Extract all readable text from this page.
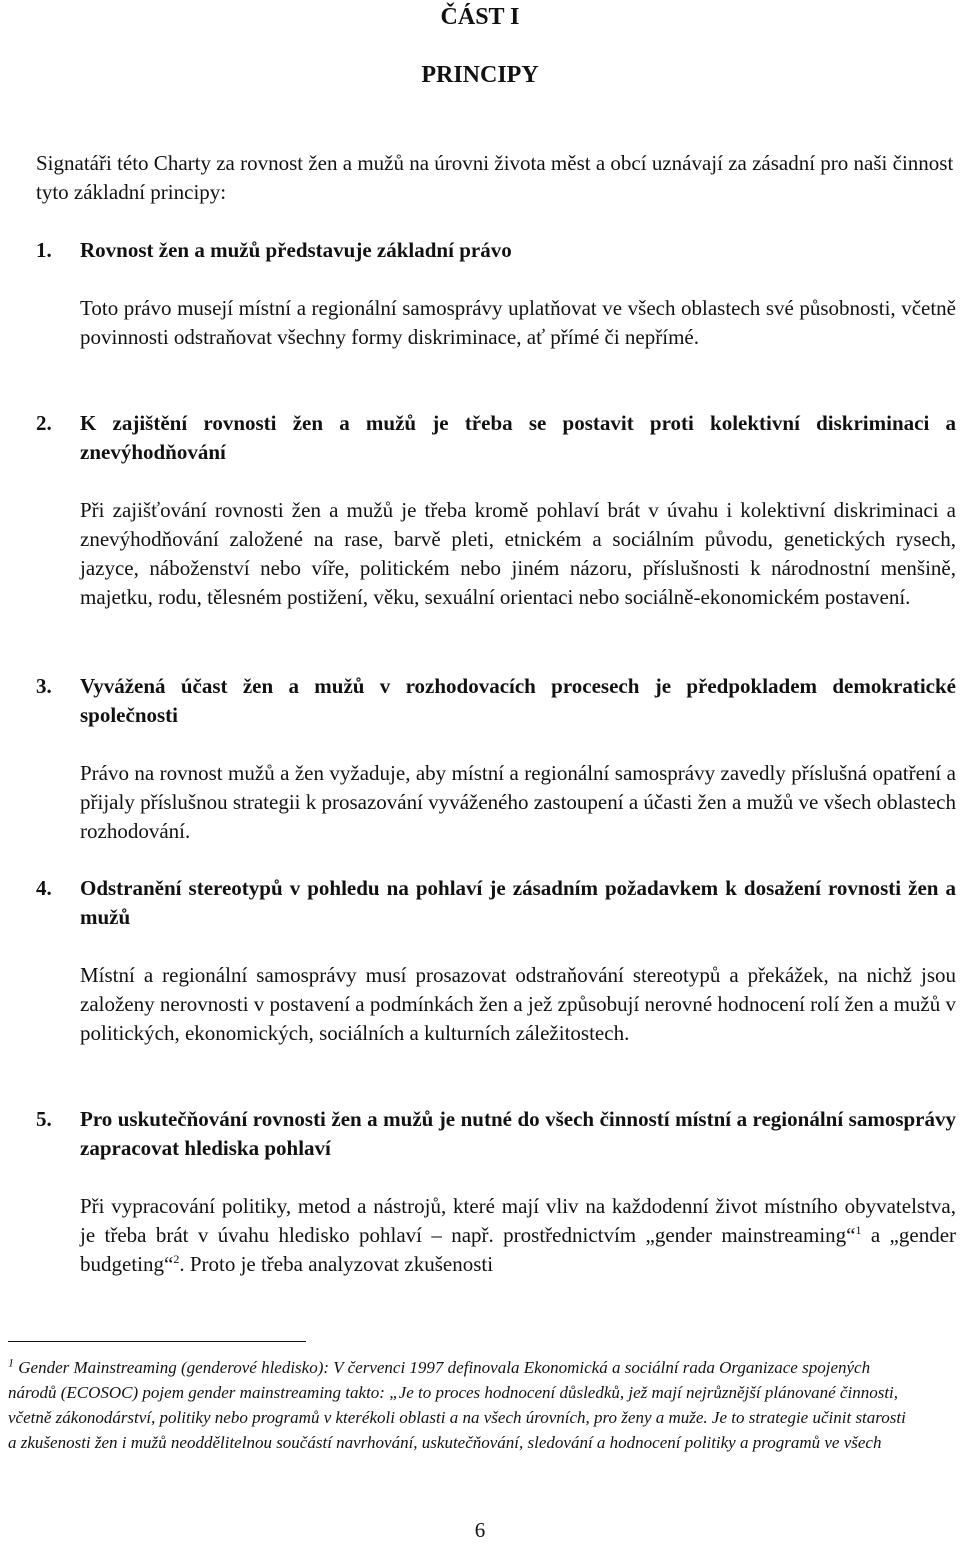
ČÁST I
PRINCIPY

Signatáři této Charty za rovnost žen a mužů na úrovni života měst a obcí uznávají za zásadní pro naši činnost tyto základní principy:

1.	Rovnost žen a mužů představuje základní právo

Toto právo musejí místní a regionální samosprávy uplatňovat ve všech oblastech své působnosti, včetně povinnosti odstraňovat všechny formy diskriminace, ať přímé či nepřímé.

2.	K zajištění rovnosti žen a mužů je třeba se postavit proti kolektivní diskriminaci a znevýhodňování

Při zajišťování rovnosti žen a mužů je třeba kromě pohlaví brát v úvahu i kolektivní diskriminaci a znevýhodňování založené na rase, barvě pleti, etnickém a sociálním původu, genetických rysech, jazyce, náboženství nebo víře, politickém nebo jiném názoru, příslušnosti k národnostní menšině, majetku, rodu, tělesném postižení, věku, sexuální orientaci nebo sociálně-ekonomickém postavení.

3.	Vyvážená účast žen a mužů v rozhodovacích procesech je předpokladem demokratické společnosti

Právo na rovnost mužů a žen vyžaduje, aby místní a regionální samosprávy zavedly příslušná opatření a přijaly příslušnou strategii k prosazování vyváženého zastoupení a účasti žen a mužů ve všech oblastech rozhodování.

4.	Odstranění stereotypů v pohledu na pohlaví je zásadním požadavkem k dosažení rovnosti žen a mužů

Místní a regionální samosprávy musí prosazovat odstraňování stereotypů a překážek, na nichž jsou založeny nerovnosti v postavení a podmínkách žen a jež způsobují nerovné hodnocení rolí žen a mužů v politických, ekonomických, sociálních a kulturních záležitostech.

5.	Pro uskutečňování rovnosti žen a mužů je nutné do všech činností místní a regionální samosprávy zapracovat hlediska pohlaví

Při vypracování politiky, metod a nástrojů, které mají vliv na každodenní život místního obyvatelstva, je třeba brát v úvahu hledisko pohlaví – např. prostřednictvím „gender mainstreaming“$^1$ a „gender budgeting“$^2$. Proto je třeba analyzovat zkušenosti

$^1$ Gender Mainstreaming (genderové hledisko): V červenci 1997 definovala Ekonomická a sociální rada Organizace spojených národů (ECOSOC) pojem gender mainstreaming takto: „Je to proces hodnocení důsledků, jež mají nejrůznější plánované činnosti, včetně zákonodárství, politiky nebo programů v kterékoli oblasti a na všech úrovních, pro ženy a muže. Je to strategie učinit starosti a zkušenosti žen i mužů neoddělitelnou součástí navrhování, uskutečňování, sledování a hodnocení politiky a programů ve všech

6
